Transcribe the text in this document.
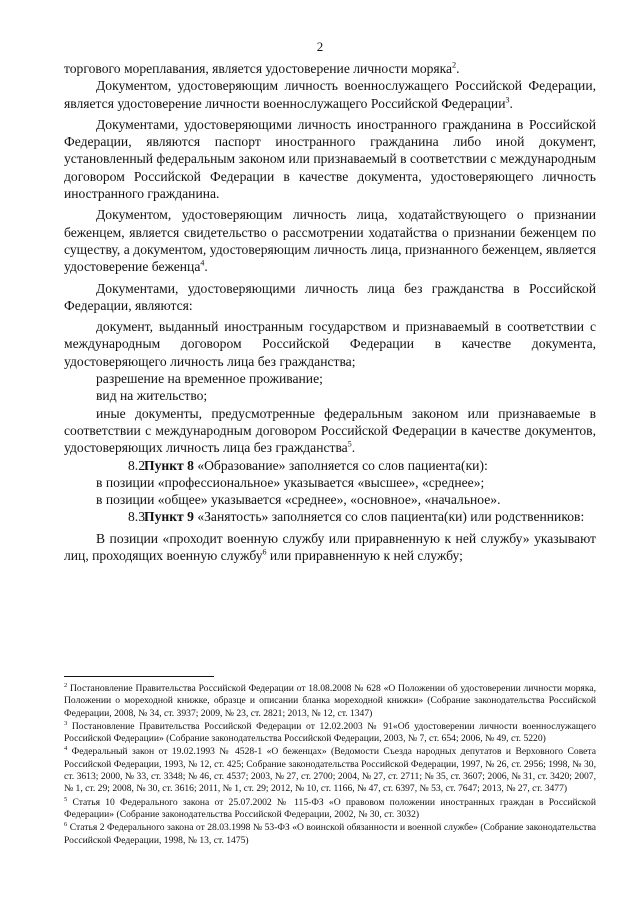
2

торгового мореплавания, является удостоверение личности моряка$^2$.

Документом, удостоверяющим личность военнослужащего Российской Федерации, является удостоверение личности военнослужащего Российской Федерации$^3$.

Документами, удостоверяющими личность иностранного гражданина в Российской Федерации, являются паспорт иностранного гражданина либо иной документ, установленный федеральным законом или признаваемый в соответствии с международным договором Российской Федерации в качестве документа, удостоверяющего личность иностранного гражданина.

Документом, удостоверяющим личность лица, ходатайствующего о признании беженцем, является свидетельство о рассмотрении ходатайства о признании беженцем по существу, а документом, удостоверяющим личность лица, признанного беженцем, является удостоверение беженца$^4$.

Документами, удостоверяющими личность лица без гражданства в Российской Федерации, являются:

документ, выданный иностранным государством и признаваемый в соответствии с международным договором Российской Федерации в качестве документа, удостоверяющего личность лица без гражданства;

разрешение на временное проживание;

вид на жительство;

иные документы, предусмотренные федеральным законом или признаваемые в соответствии с международным договором Российской Федерации в качестве документов, удостоверяющих личность лица без гражданства$^5$.

8.2.Пункт 8 «Образование» заполняется со слов пациента(ки):

в позиции «профессиональное» указывается «высшее», «среднее»;

в позиции «общее» указывается «среднее», «основное», «начальное».

8.3.Пункт 9 «Занятость» заполняется со слов пациента(ки) или родственников:

В позиции «проходит военную службу или приравненную к ней службу» указывают лиц, проходящих военную службу$^6$ или приравненную к ней службу;

$^2$ Постановление Правительства Российской Федерации от 18.08.2008 № 628 «О Положении об удостоверении личности моряка, Положении о мореходной книжке, образце и описании бланка мореходной книжки» (Собрание законодательства Российской Федерации, 2008, № 34, ст. 3937; 2009, № 23, ст. 2821; 2013, № 12, ст. 1347)

$^3$ Постановление Правительства Российской Федерации от 12.02.2003 № 91«Об удостоверении личности военнослужащего Российской Федерации» (Собрание законодательства Российской Федерации, 2003, № 7, ст. 654; 2006, № 49, ст. 5220)

$^4$ Федеральный закон от 19.02.1993 № 4528-1 «О беженцах» (Ведомости Съезда народных депутатов и Верховного Совета Российской Федерации, 1993, № 12, ст. 425; Собрание законодательства Российской Федерации, 1997, № 26, ст. 2956; 1998, № 30, ст. 3613; 2000, № 33, ст. 3348; № 46, ст. 4537; 2003, № 27, ст. 2700; 2004, № 27, ст. 2711; № 35, ст. 3607; 2006, № 31, ст. 3420; 2007, № 1, ст. 29; 2008, № 30, ст. 3616; 2011, № 1, ст. 29; 2012, № 10, ст. 1166, № 47, ст. 6397, № 53, ст. 7647; 2013, № 27, ст. 3477)

$^5$ Статья 10 Федерального закона от 25.07.2002 № 115-ФЗ «О правовом положении иностранных граждан в Российской Федерации» (Собрание законодательства Российской Федерации, 2002, № 30, ст. 3032)

$^6$ Статья 2 Федерального закона от 28.03.1998 № 53-ФЗ «О воинской обязанности и военной службе» (Собрание законодательства Российской Федерации, 1998, № 13, ст. 1475)
